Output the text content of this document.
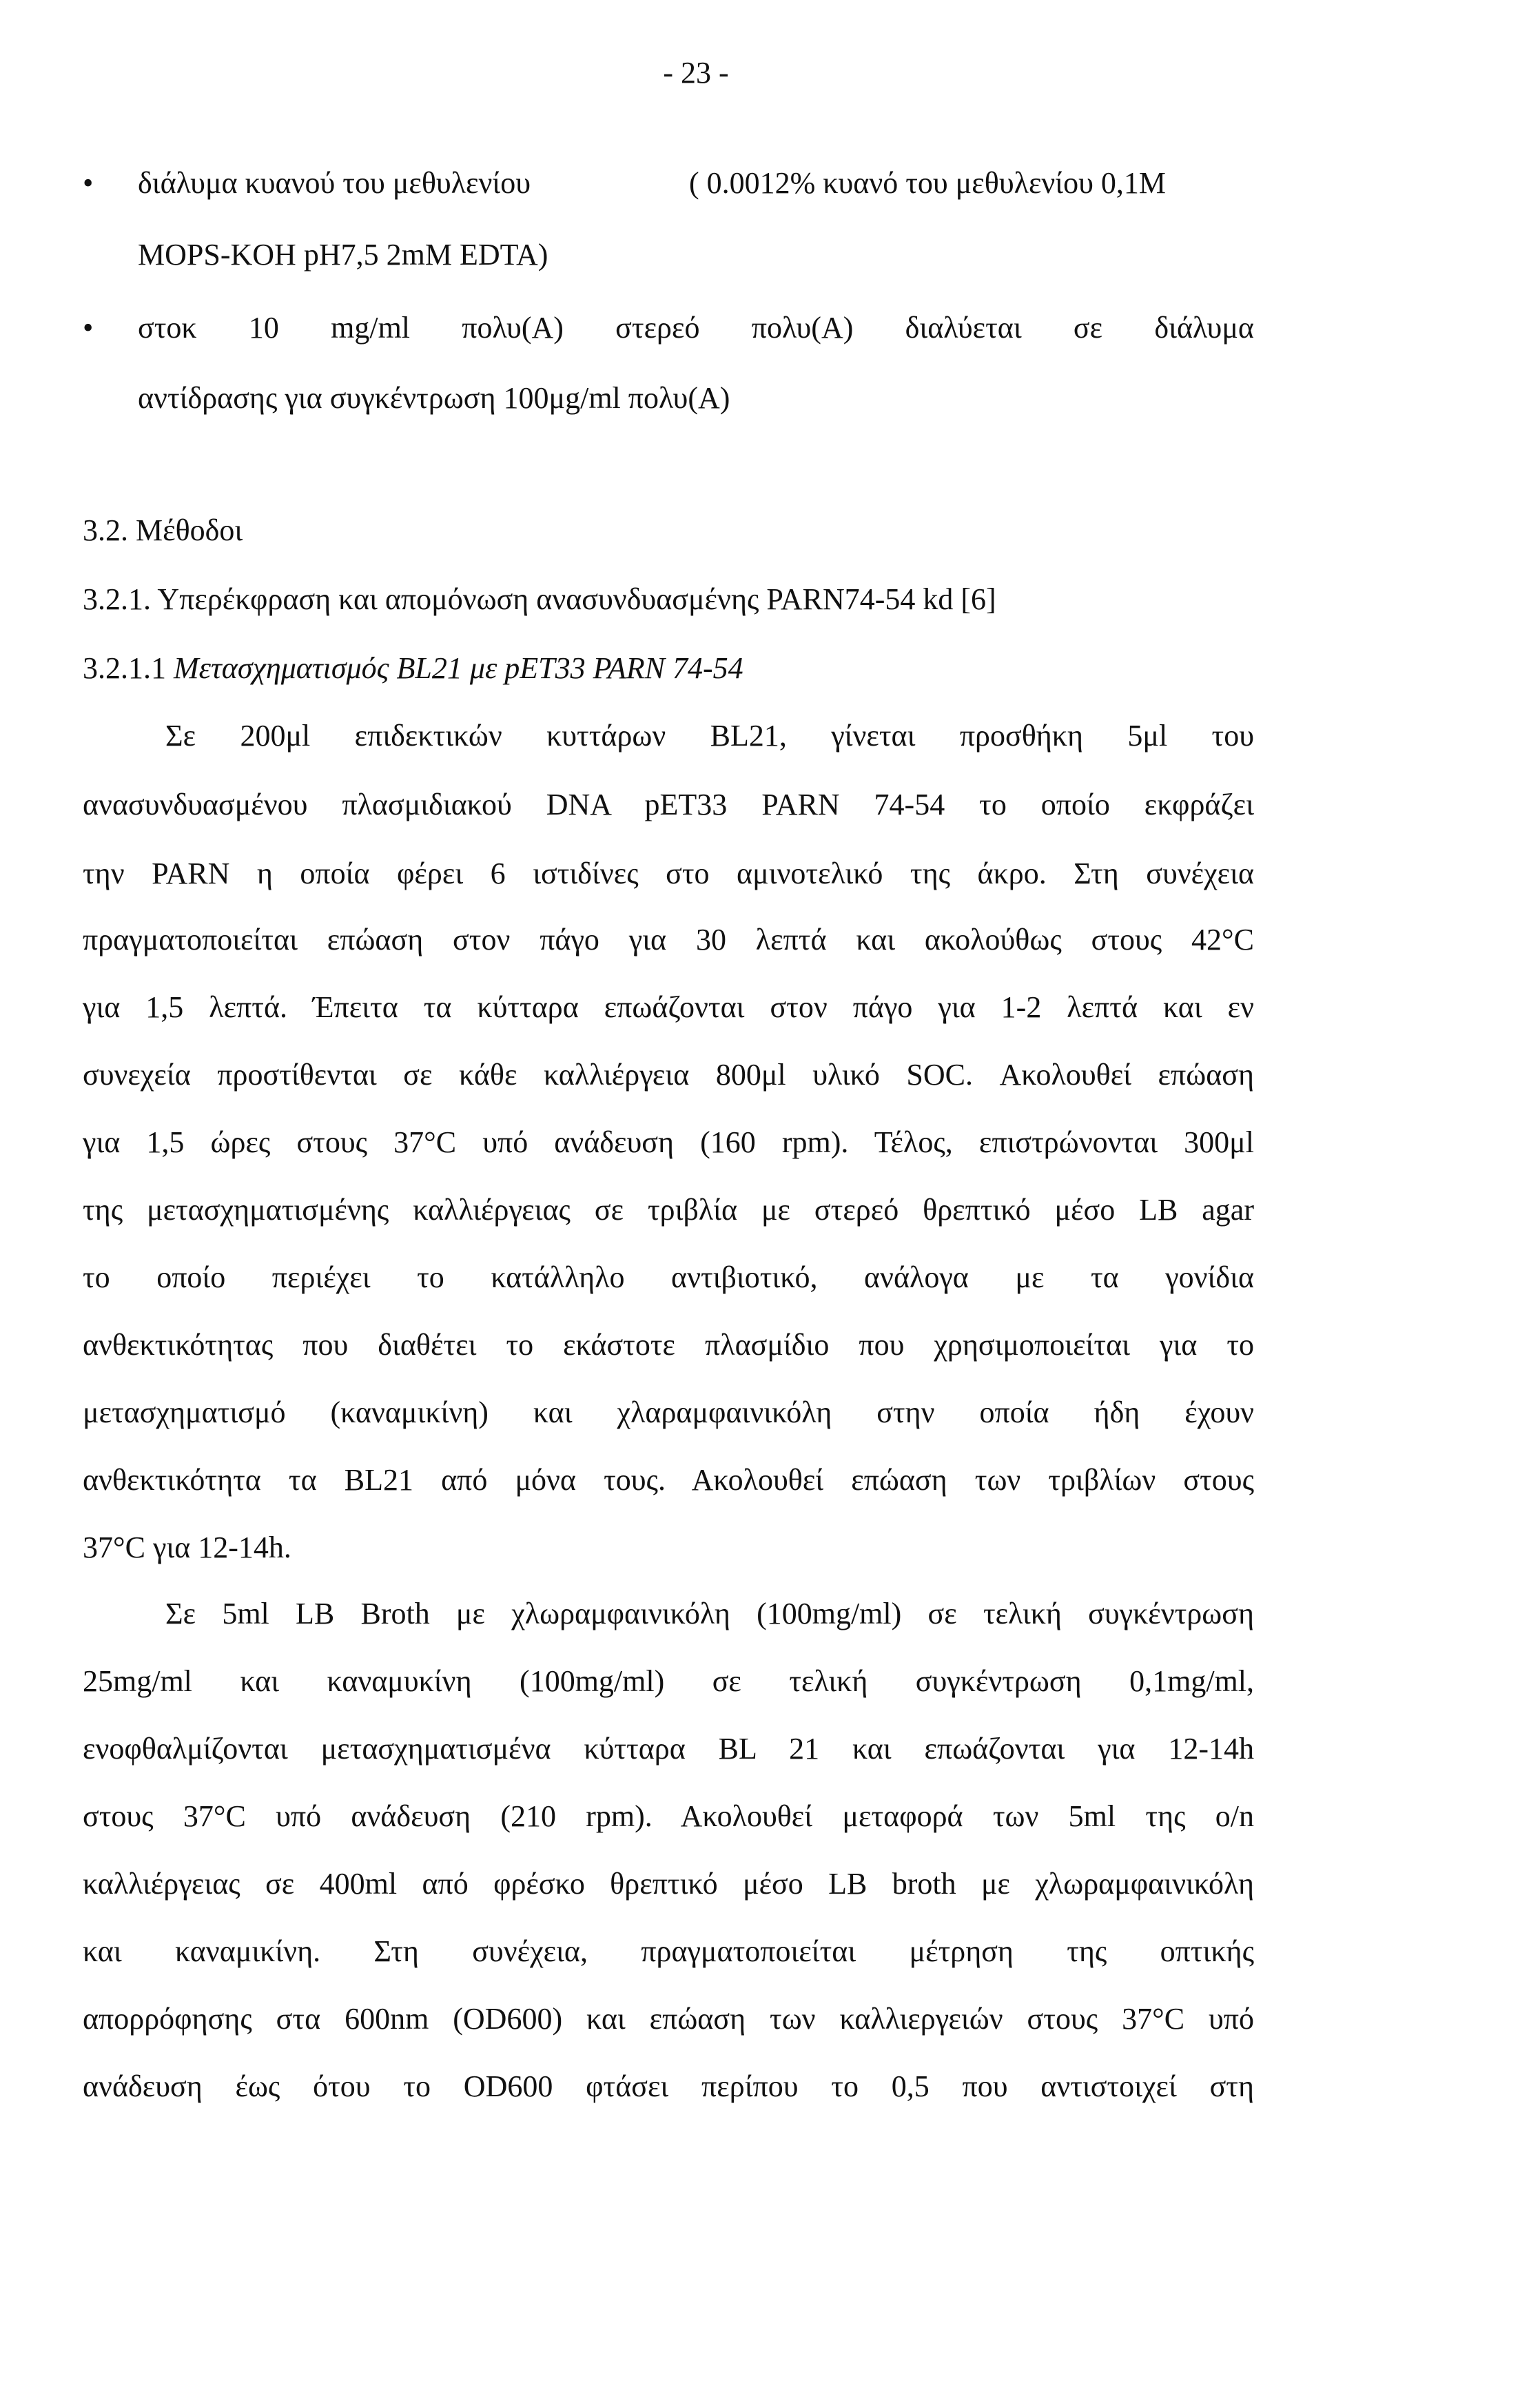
- 23 -
• διάλυμα κυανού του μεθυλενίου	( 0.0012% κυανό του μεθυλενίου 0,1M
MOPS-KOH pH7,5 2mM EDTA)
• στοκ 10 mg/ml πολυ(Α) στερεό πολυ(Α) διαλύεται σε διάλυμα
αντίδρασης για συγκέντρωση 100μg/ml πολυ(Α)
3.2. Μέθοδοι
3.2.1. Υπερέκφραση και απομόνωση ανασυνδυασμένης PARN74-54 kd [6]
3.2.1.1 Μετασχηματισμός BL21 με pET33 PARN 74-54
Σε 200μl επιδεκτικών κυττάρων BL21, γίνεται προσθήκη 5μl του
ανασυνδυασμένου πλασμιδιακού DNA pET33 PARN 74-54 το οποίο εκφράζει
την PARN η οποία φέρει 6 ιστιδίνες στο αμινοτελικό της άκρο. Στη συνέχεια
πραγματοποιείται επώαση στον πάγο για 30 λεπτά και ακολούθως στους 42°C
για 1,5 λεπτά. Έπειτα τα κύτταρα επωάζονται στον πάγο για 1-2 λεπτά και εν
συνεχεία προστίθενται σε κάθε καλλιέργεια 800μl υλικό SOC. Ακολουθεί επώαση
για 1,5 ώρες στους 37°C υπό ανάδευση (160 rpm). Τέλος, επιστρώνονται 300μl
της μετασχηματισμένης καλλιέργειας σε τριβλία με στερεό θρεπτικό μέσο LB agar
το οποίο περιέχει το κατάλληλο αντιβιοτικό, ανάλογα με τα γονίδια
ανθεκτικότητας που διαθέτει το εκάστοτε πλασμίδιο που χρησιμοποιείται για το
μετασχηματισμό (καναμικίνη) και χλαραμφαινικόλη στην οποία ήδη έχουν
ανθεκτικότητα τα BL21 από μόνα τους. Ακολουθεί επώαση των τριβλίων στους
37°C για 12-14h.
Σε 5ml LB Broth με χλωραμφαινικόλη (100mg/ml) σε τελική συγκέντρωση
25mg/ml και καναμυκίνη (100mg/ml) σε τελική συγκέντρωση 0,1mg/ml,
ενοφθαλμίζονται μετασχηματισμένα κύτταρα BL 21 και επωάζονται για 12-14h
στους 37°C υπό ανάδευση (210 rpm). Ακολουθεί μεταφορά των 5ml της o/n
καλλιέργειας σε 400ml από φρέσκο θρεπτικό μέσο LB broth με χλωραμφαινικόλη
και καναμικίνη. Στη συνέχεια, πραγματοποιείται μέτρηση της οπτικής
απορρόφησης στα 600nm (OD600) και επώαση των καλλιεργειών στους 37°C υπό
ανάδευση έως ότου το OD600 φτάσει περίπου το 0,5 που αντιστοιχεί στη
